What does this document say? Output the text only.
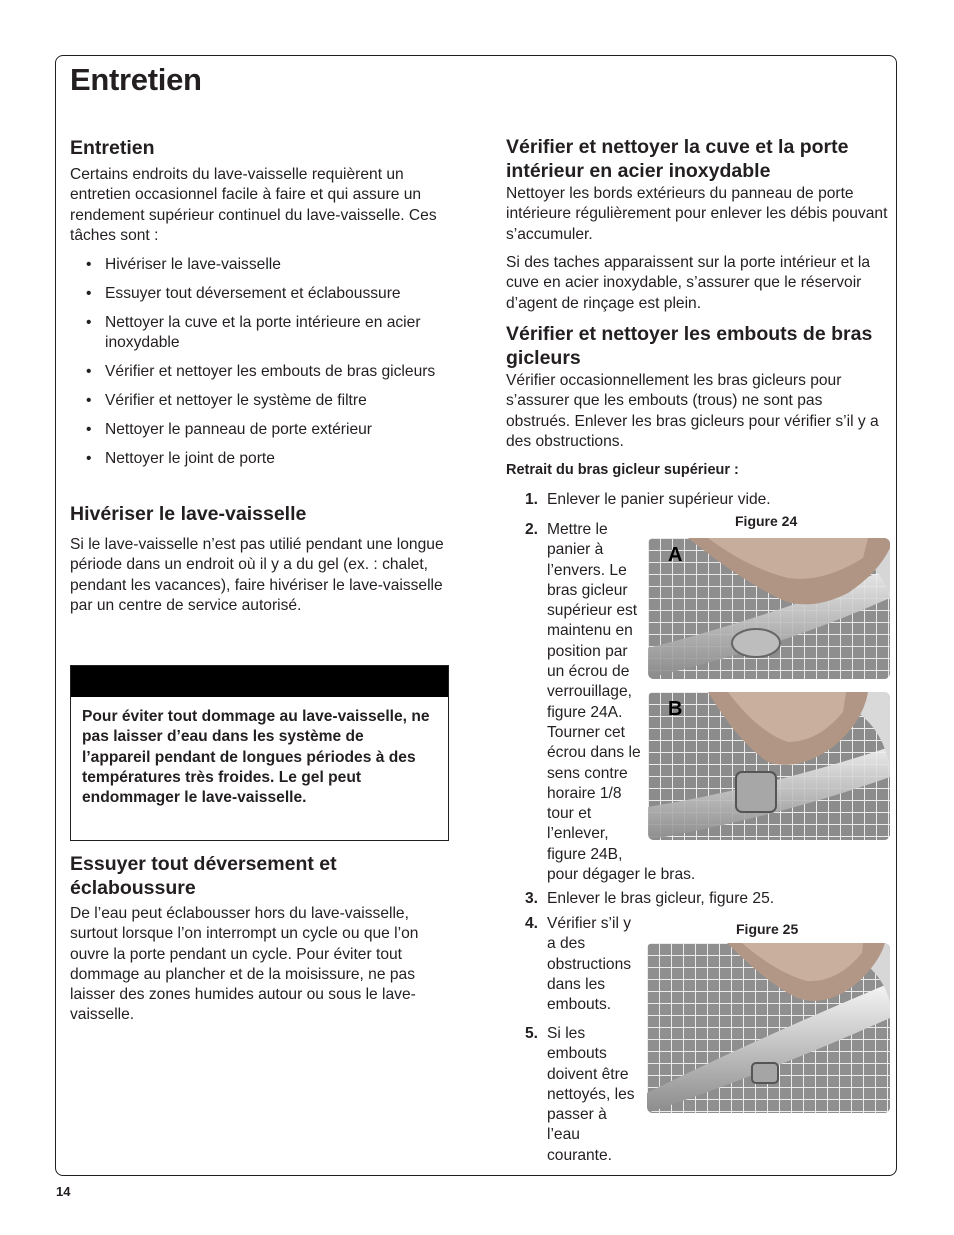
Entretien
Entretien

Certains endroits du lave-vaisselle requièrent un entretien occasionnel facile à faire et qui assure un rendement supérieur continuel du lave-vaisselle. Ces tâches sont :

• Hivériser le lave-vaisselle
• Essuyer tout déversement et éclaboussure
• Nettoyer la cuve et la porte intérieure en acier inoxydable
• Vérifier et nettoyer les embouts de bras gicleurs
• Vérifier et nettoyer le système de filtre
• Nettoyer le panneau de porte extérieur
• Nettoyer le joint de porte
Hivériser le lave-vaisselle

Si le lave-vaisselle n’est pas utilié pendant une longue période dans un endroit où il y a du gel (ex. : chalet, pendant les vacances), faire hivériser le lave-vaisselle par un centre de service autorisé.

Pour éviter tout dommage au lave-vaisselle, ne pas laisser d’eau dans les système de l’appareil pendant de longues périodes à des températures très froides. Le gel peut endommager le lave-vaisselle.
Essuyer tout déversement et éclaboussure

De l’eau peut éclabousser hors du lave-vaisselle, surtout lorsque l’on interrompt un cycle ou que l’on ouvre la porte pendant un cycle. Pour éviter tout dommage au plancher et de la moisissure, ne pas laisser des zones humides autour ou sous le lave-vaisselle.

Vérifier et nettoyer la cuve et la porte intérieur en acier inoxydable

Nettoyer les bords extérieurs du panneau de porte intérieure régulièrement pour enlever les débis pouvant s’accumuler.

Si des taches apparaissent sur la porte intérieur et la cuve en acier inoxydable, s’assurer que le réservoir d’agent de rinçage est plein.

Vérifier et nettoyer les embouts de bras gicleurs

Vérifier occasionnellement les bras gicleurs pour s’assurer que les embouts (trous) ne sont pas obstrués. Enlever les bras gicleurs pour vérifier s’il y a des obstructions.

Retrait du bras gicleur supérieur :
1. Enlever le panier supérieur vide.
2. Mettre le panier à l’envers. Le bras gicleur supérieur est maintenu en position par un écrou de verrouillage, figure 24A. Tourner cet écrou dans le sens contre horaire 1/8 tour et l’enlever, figure 24B, pour dégager le bras.
3. Enlever le bras gicleur, figure 25.
4. Vérifier s’il y a des obstructions dans les embouts.
5. Si les embouts doivent être nettoyés, les passer à l’eau courante.
Figure 24
A
B
Figure 25
14
